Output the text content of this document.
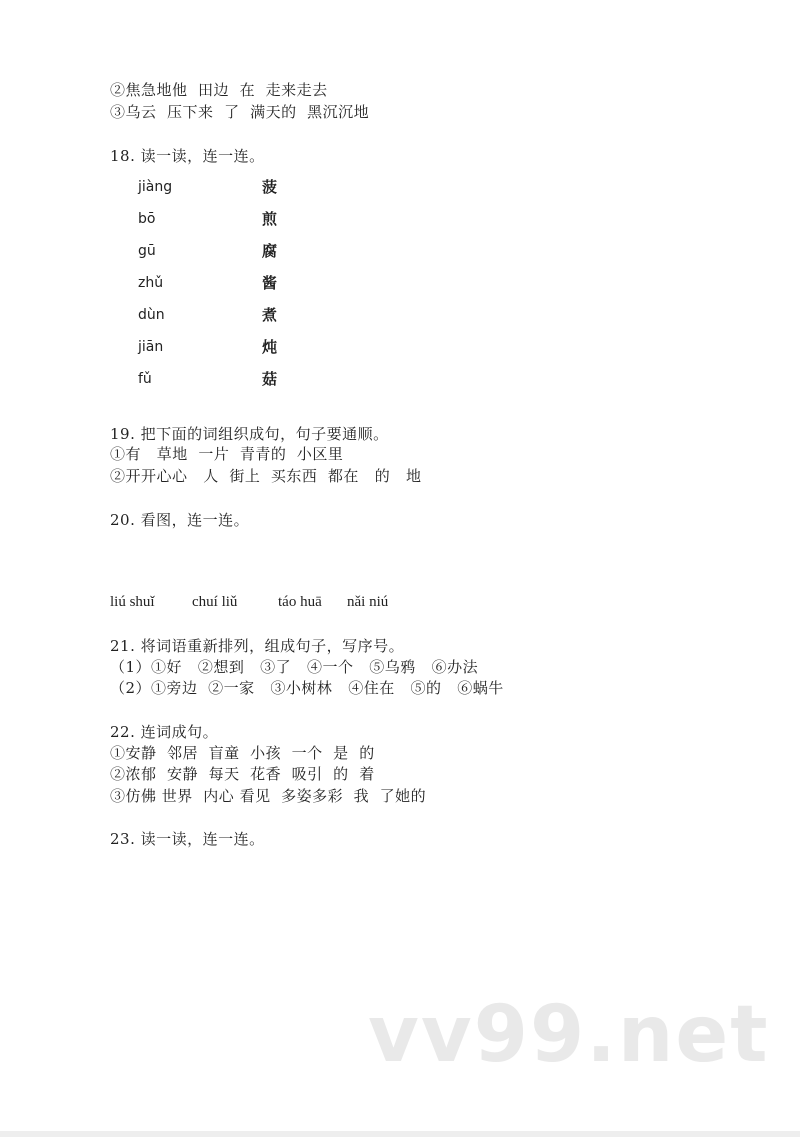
②焦急地他  田边  在  走来走去
③乌云  压下来  了  满天的  黑沉沉地
18. 读一读，连一连。
jiàng	菠
bō	煎
gū	腐
zhǔ	酱
dùn	煮
jiān	炖
fǔ	菇
19. 把下面的词组织成句，句子要通顺。
①有   草地  一片  青青的  小区里
②开开心心   人  街上  买东西  都在   的   地
20. 看图，连一连。
liú shuǐ chuí liǔ	táo huā nǎi niú
21. 将词语重新排列，组成句子，写序号。
（1）①好   ②想到   ③了   ④一个   ⑤乌鸦   ⑥办法
（2）①旁边  ②一家   ③小树林   ④住在   ⑤的   ⑥蜗牛
22. 连词成句。
①安静  邻居  盲童  小孩  一个  是  的
②浓郁  安静  每天  花香  吸引  的  着
③仿佛 世界  内心 看见  多姿多彩  我  了她的
23. 读一读，连一连。
vv99.net
